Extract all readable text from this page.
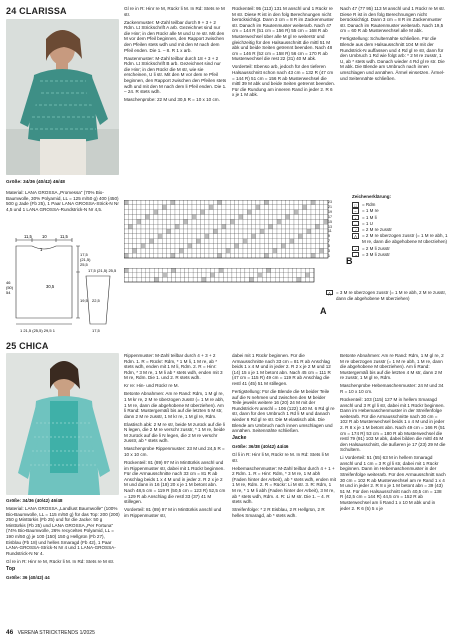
24 CLARISSA
Größe: 34/36 (40/42) 46/48

Material: LANA GROSSA „Promessa" (70% Bio-Baumwolle, 30% Polyamid, LL = 125 m/50 g) 400 (450) 500 g Jade (Fb 25), 1 Paar LANA GROSSA-Strick-N Nr 4,5 und 1 LANA GROSSA-Rundstrick-N Nr 4,5.

11,5 10	11,5
1
17,5
(21,5)
25,5
46
(50)
54
30,5
1 21,5 (25,5) 29,5 1
17,5 (21,5) 25,5
19,5 22,5
17,5

Gl re in R: Hinr re M, Rückr li M. In Rd: Stets re M str.

Zackenmuster: M-Zahl teilbar durch 9 + 3 + 2 Rdm. Lt Strickschrift A arb. Gezeichnet sind nur die Hinr; in den Rückr alle M und U re str. Mit den M vor dem Pfeil beginnen, den Rapport zwischen den Pfeilen stets wdh und mit den M nach dem Pfeil enden. Die 1. – 8. R 1 x arb.

Rautenmuster: M-Zahl teilbar durch 18 + 3 + 2 Rdm. Lt Strickschrift B arb. Gezeichnet sind nur die Hinr; in den Rückr die M str, wie sie erscheinen, U li str. Mit den M vor dem re Pfeil beginnen, den Rapport zwischen den Pfeilen stets wdh und mit den M nach dem li Pfeil enden. Die 1. – 24. R stets wdh.

Maschenprobe: 22 M und 30,5 R = 10 x 10 cm.

Rückenteil: 95 (113) 131 M anschl und 1 Rückr re M str. Diese R ist in den folg Berechnungen nicht berücksichtigt. Dann 3 cm = 8 R im Zackenmuster str. Danach im Rautenmuster weiterarb. Nach 47 cm = 144 R (51 cm = 156 R) 55 cm = 168 R ab Musterwechsel über alle M gl re weiterstr und gleichzeitig für den Halsausschnitt die mittl 51 M abk und beide Seiten getrennt beenden. Nach 48 cm = 146 R (52 cm = 158 R) 56 cm = 170 R ab Musterwechsel die rest 22 (31) 40 M abk.

Vorderteil: Ebenso arb, jedoch für den tieferen Halsausschnitt schon nach 43 cm = 132 R (47 cm = 144 R) 51 cm = 156 R ab Musterwechsel die mittl 39 M abk und beide Seiten getrennt beenden. Für die Rundung am inneren Rand in jeder 2. R 6 x je 1 M abk.

Nach 47 (77 95) 113 M anschl und 1 Rückr re M str. Diese R ist in den folg Berechnungen nicht berücksichtigt. Dann 3 cm = 8 R im Zackenmuster str. Danach im Rautenmuster weiterarb. Nach 19,5 cm = 60 R ab Musterwechsel alle M abk.

Fertigstellung: Schulternähte schließen. Für die Blende aus dem Halsausschnitt 104 M mit der Rundstrick-N auffassen und 4 Rd gl re str, dann für den Umbruch 1 Rd wie folgt arb: * 2 M re zusstr, 1 U, ab * stets wdh. Danach wieder 4 Rd gl re str. Die M abk. Die Blende am Umbruch nach innen umschlagen und annähen. Ärmel einsetzen. Ärmel- und Seitennähte schließen.

23
21
19
17
15
13
11
9
7
5
3
1
B
A
Zeichenerklärung:
□	= Rdm
−	= 1 M re
•	= 1 M li
○	= 1 U
⟋	= 2 M re zusstr
⋀	= 2 M re überzogen zusstr (= 1 M re abh, 1 M re, dann die abgehobene M überziehen)
⟋	= 2 M li zusstr
⩘	= 3 M li zusstr
⋀	= 3 M re überzogen zusstr (= 1 M re abh, 2 M re zusstr, dann die abgehobene M überziehen)
25 CHICA

Größe: 34/36 (40/42) 46/48

Material: LANA GROSSA „Landlust Baumwolle" (100% Bio-Baumwolle, LL = 115 m/50 g) für das Top: 200 (200) 250 g Minttürkis (Fb 25) und für die Jacke: 50 g Minttürkis (Fb 25) und LANA GROSSA „Per Fortuna" (74% Bio-Baumwolle, 26% recyceltes Polyamid, LL = 190 m/50 g) je 100 (150) 150 g Hellgrün (Fb 27), Eisblau (Fb 18) und helles Smaragd (Fb 42), 1 Paar LANA-GROSSA-Strick-N Nr 4 und 1 LANA-GROSSA-Rundstrick-N Nr 4.

Gl re in R: Hinr re M, Rückr li M. In Rd: Stets re M str.

Top

Größe: 36 (40/42) 44

Rippenmuster: M-Zahl teilbar durch 4 + 3 + 2 Rdm. 1. R = Rückr: Rdm, * 1 M li, 1 M re, ab * stets wdh, enden mit 1 M li, Rdm. 2. R = Hinr: Rdm, * 3 M re, 1 M li ab * stets wdh, enden mit 3 M re, Rdm. Die 1. und 2. R stets wdh.

Kr re: Hin- und Rückr re M.

Betonte Abnahmen: Am re Rand: Rdm, 1 M gl re, 1 M kr re, 2 M re überzogen zusstr (= 1 M re abh, 1 M re, dann die abgehobene M überziehen). Am li Rand: Mustergemäß bis auf die letzten 5 M str, dann 2 M re zusstr, 1 M kr re, 1 M gl re, Rdm.

Elastisch abk: 2 M re str, beide M zurück auf die li N legen, die 2 M re verschr zusstr, * 1 M re, beide M zurück auf die li N legen, die 2 M re verschr zusstr, ab * stets wdh.

Maschenprobe Rippenmuster: 23 M und 24,5 R = 10 x 10 cm.

Rückenteil: 81 (89) 97 M in Minttürkis anschl und im Rippenmuster str, dabei mit 1 Rückr beginnen. Für die Armausschnitte nach 33 cm = 81 R ab Anschlag beids 1 x 4 M und in jeder 2. R 2 x je 2 M und dann in 16 (18) 20 x je 1 M betont abn. Nach 48,5 cm = 119 R (50,5 cm = 123 R) 52,5 cm = 129 R ab Anschlag die restl 33 (37) 41 M stillegen.

Vorderteil: 81 (89) 97 M in Minttürkis anschl und im Rippenmuster str,

dabei mit 1 Rückr beginnen. Für die Armausschnitte nach 33 cm = 81 R ab Anschlag beids 1 x 4 M und in jeder 2. R 2 x je 2 M und 12 (14) 15 x je 1 M betont abn. Nach 45 cm = 111 R (47 cm = 115 R) 49 cm = 119 R ab Anschlag die restl 41 (45) 51 M stillegen.

Fertigstellung: Für die Blende die M beider Teile auf die N nehmen und zwischen den M beider Teile jeweils weitere 16 (20) 24 M mit der Rundstrick-N anschl = 106 (122) 140 M. 6 Rd gl re str, dann für den Umbruch 1 Rd li M und danach wieder 6 Rd gl re str. Die M elastisch abk. Die Blende am Umbruch nach innen umschlagen und annähen. Seitennähte schließen.

Jacke

Größe: 36/38 (40/42) 44/46

Gl li in R: Hinr li M, Rückr re M. In Rd: Stets li M str.

Hebemaschenmuster: M-Zahl teilbar durch 4 + 1 + 2 Rdm. 1. R = Hinr: Rdm, * 3 M re, 1 M abh (Faden hinter der Arbeit), ab * stets wdh, enden mit 1 M re, Rdm. 2. R = Rückr: Li M str. 3. R: Rdm, 1 M re, * 1 M li abh (Faden hinter der Arbeit), 3 M re, ab * stets wdh, Rdm. 4. R: Li M str. Die 1. – 4. R stets wdh.

Streifenfolge: * 2 R Eisblau, 2 R Hellgrün, 2 R helles Smaragd, ab * stets wdh.

Betonte Abnahmen: Am re Rand: Rdm, 1 M gl re, 2 M re überzogen zusstr (= 1 M re abh, 1 M re, dann die abgehobene M überziehen). Am li Rand: Mustergemäß bis auf die letzten 4 M str, dann 2 M re zusstr, 1 M gl re, Rdm.

Maschenprobe Hebemaschenmuster: 24 M und 34 R = 10 x 10 cm.

Rückenteil: 103 (115) 127 M in hellem Smaragd anschl und 3 R gl li str, dabei mit 1 Rückr beginnen. Dann im Hebemaschenmuster in der Streifenfolge weiterarb. Für die Armausschnitte nach 30 cm = 102 R ab Musterwechsel beids 1 x 4 M und in jeder 2. R 8 x je 1 M betont abn. Nach 49 cm = 166 R (51 cm = 174 R) 53 cm = 180 R ab Musterwechsel die restl 79 (91) 103 M abk, dabei bilden die mittl 45 M den Halsausschnitt, die äußeren je 17 (23) 29 M die Schultern.

Li Vorderteil: 51 (55) 63 M in hellem Smaragd anschl und 1 cm = 3 R gl li str, dabei mit 1 Rückr beginnen. Dann im Hebemaschenmuster in der Streifenfolge weiterarb. Für den Armausschnitt nach 30 cm = 102 R ab Musterwechsel am re Rand 1 x 4 M und in jeder 2. R 8 x je 1 M betont abn = 39 (43) 51 M. Für den Halsausschnitt nach 40,5 cm = 138 R (42,5 cm = 144 R) 44,5 cm = 152 R ab Musterwechsel am li Rand 1 x 10 M abk und in jeder 2. R 6 (5) 5 x je

46 VERENA STRICKTRENDS 1/2025
